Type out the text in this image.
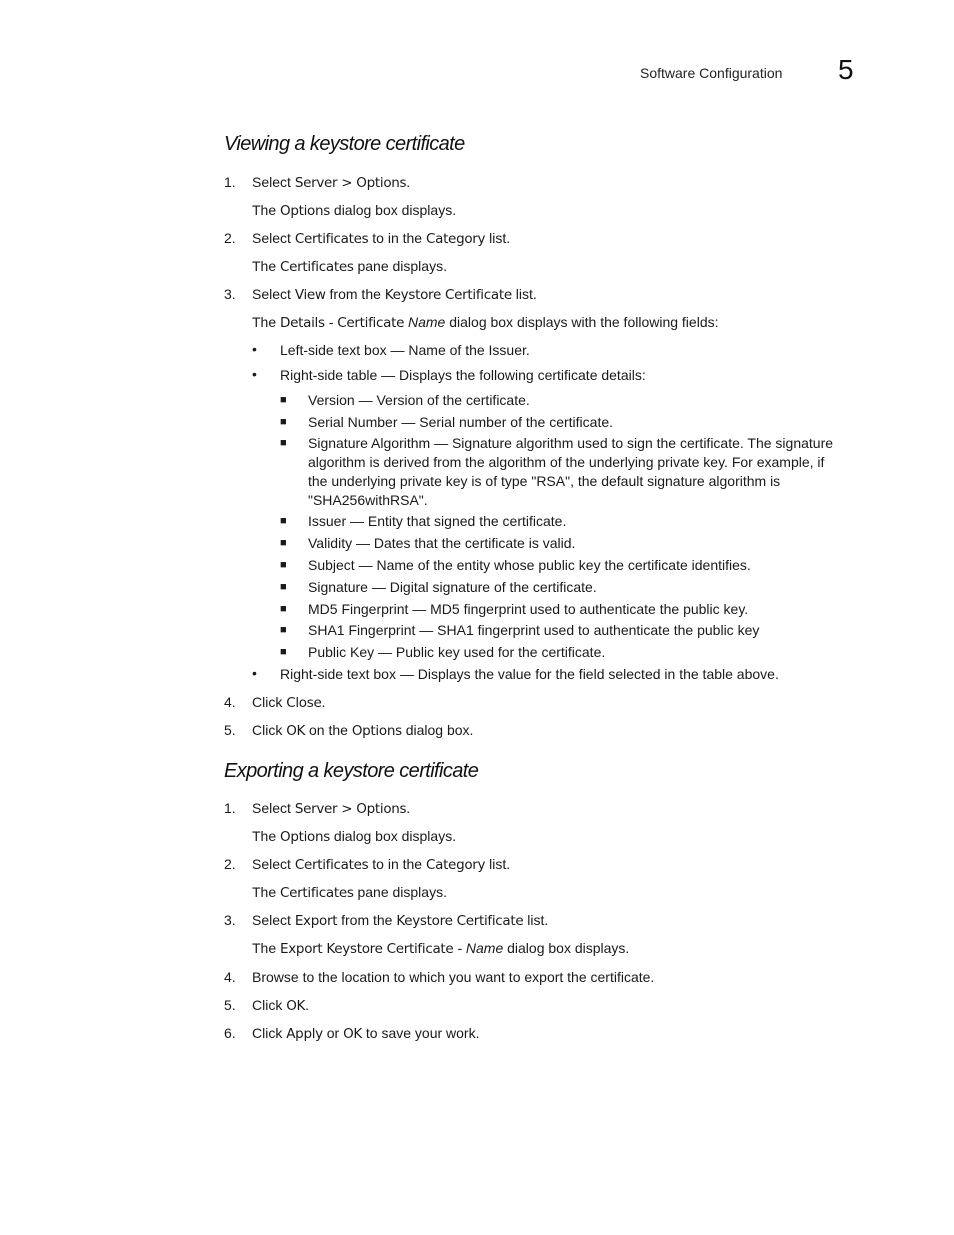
Software Configuration 5
Viewing a keystore certificate
1. Select Server > Options.
The Options dialog box displays.
2. Select Certificates to in the Category list.
The Certificates pane displays.
3. Select View from the Keystore Certificate list.
The Details - Certificate Name dialog box displays with the following fields:
• Left-side text box — Name of the Issuer.
• Right-side table — Displays the following certificate details:
■ Version — Version of the certificate.
■ Serial Number — Serial number of the certificate.
■ Signature Algorithm — Signature algorithm used to sign the certificate. The signature
algorithm is derived from the algorithm of the underlying private key. For example, if
the underlying private key is of type "RSA", the default signature algorithm is
"SHA256withRSA".
■ Issuer — Entity that signed the certificate.
■ Validity — Dates that the certificate is valid.
■ Subject — Name of the entity whose public key the certificate identifies.
■ Signature — Digital signature of the certificate.
■ MD5 Fingerprint — MD5 fingerprint used to authenticate the public key.
■ SHA1 Fingerprint — SHA1 fingerprint used to authenticate the public key
■ Public Key — Public key used for the certificate.
• Right-side text box — Displays the value for the field selected in the table above.
4. Click Close.
5. Click OK on the Options dialog box.
Exporting a keystore certificate
1. Select Server > Options.
The Options dialog box displays.
2. Select Certificates to in the Category list.
The Certificates pane displays.
3. Select Export from the Keystore Certificate list.
The Export Keystore Certificate - Name dialog box displays.
4. Browse to the location to which you want to export the certificate.
5. Click OK.
6. Click Apply or OK to save your work.
